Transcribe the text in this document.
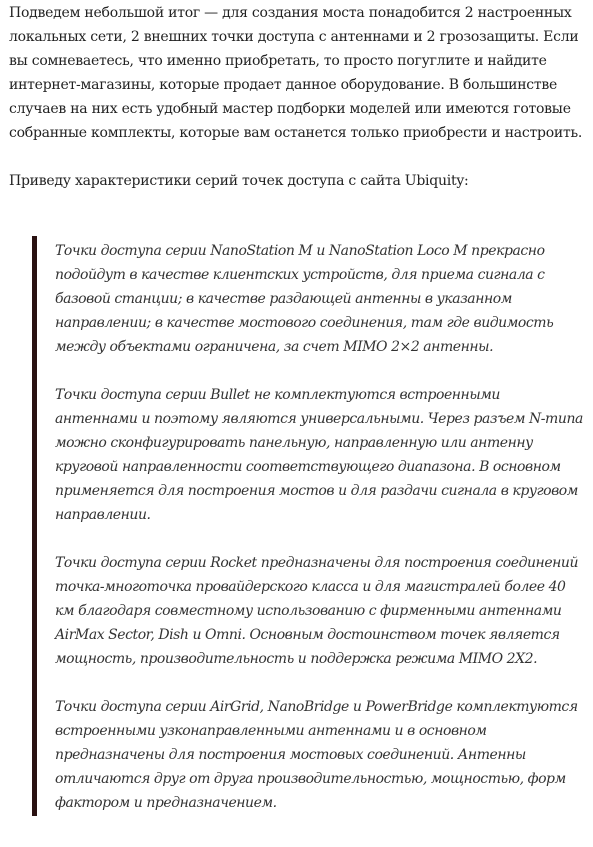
Подведем небольшой итог — для создания моста понадобится 2 настроенных локальных сети, 2 внешних точки доступа с антеннами и 2 грозозащиты. Если вы сомневаетесь, что именно приобретать, то просто погуглите и найдите интернет-магазины, которые продает данное оборудование. В большинстве случаев на них есть удобный мастер подборки моделей или имеются готовые собранные комплекты, которые вам останется только приобрести и настроить.

Приведу характеристики серий точек доступа с сайта Ubiquity:

Точки доступа серии NanoStation M и NanoStation Loco M прекрасно подойдут в качестве клиентских устройств, для приема сигнала с базовой станции; в качестве раздающей антенны в указанном направлении; в качестве мостового соединения, там где видимость между объектами ограничена, за счет MIMO 2×2 антенны.

Точки доступа серии Bullet не комплектуются встроенными антеннами и поэтому являются универсальными. Через разъем N-типа можно сконфигурировать панельную, направленную или антенну круговой направленности соответствующего диапазона. В основном применяется для построения мостов и для раздачи сигнала в круговом направлении.

Точки доступа серии Rocket предназначены для построения соединений точка-многоточка провайдерского класса и для магистралей более 40 км благодаря совместному использованию с фирменными антеннами AirMax Sector, Dish и Omni. Основным достоинством точек является мощность, производительность и поддержка режима MIMO 2X2.

Точки доступа серии AirGrid, NanoBridge и PowerBridge комплектуются встроенными узконаправленными антеннами и в основном предназначены для построения мостовых соединений. Антенны отличаются друг от друга производительностью, мощностью, форм фактором и предназначением.
